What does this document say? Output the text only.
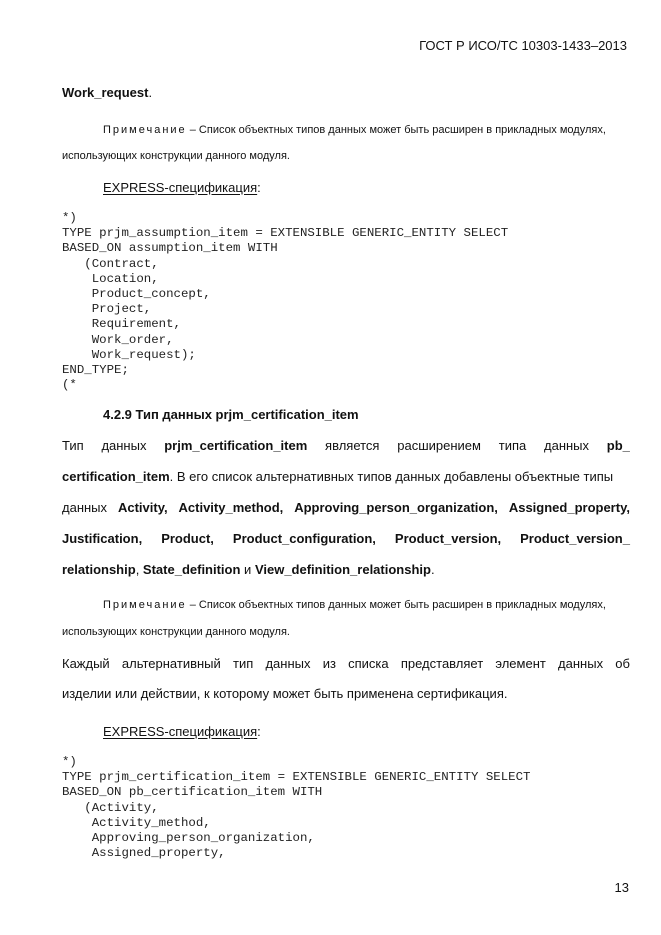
ГОСТ Р ИСО/ТС 10303-1433–2013
Work_request.
Примечание – Список объектных типов данных может быть расширен в прикладных модулях,
использующих конструкции данного модуля.
EXPRESS-спецификация:
*)
TYPE prjm_assumption_item = EXTENSIBLE GENERIC_ENTITY SELECT
BASED_ON assumption_item WITH
(Contract,
Location,
Product_concept,
Project,
Requirement,
Work_order,
Work_request);
END_TYPE;
(*
4.2.9 Тип данных prjm_certification_item
Тип данных prjm_certification_item является расширением типа данных pb_
certification_item. В его список альтернативных типов данных добавлены объектные типы
данных Activity, Activity_method, Approving_person_organization, Assigned_property,
Justification, Product, Product_configuration, Product_version, Product_version_
relationship, State_definition и View_definition_relationship.
Примечание – Список объектных типов данных может быть расширен в прикладных модулях,
использующих конструкции данного модуля.
Каждый альтернативный тип данных из списка представляет элемент данных об
изделии или действии, к которому может быть применена сертификация.
EXPRESS-спецификация:
*)
TYPE prjm_certification_item = EXTENSIBLE GENERIC_ENTITY SELECT
BASED_ON pb_certification_item WITH
(Activity,
Activity_method,
Approving_person_organization,
Assigned_property,
13
